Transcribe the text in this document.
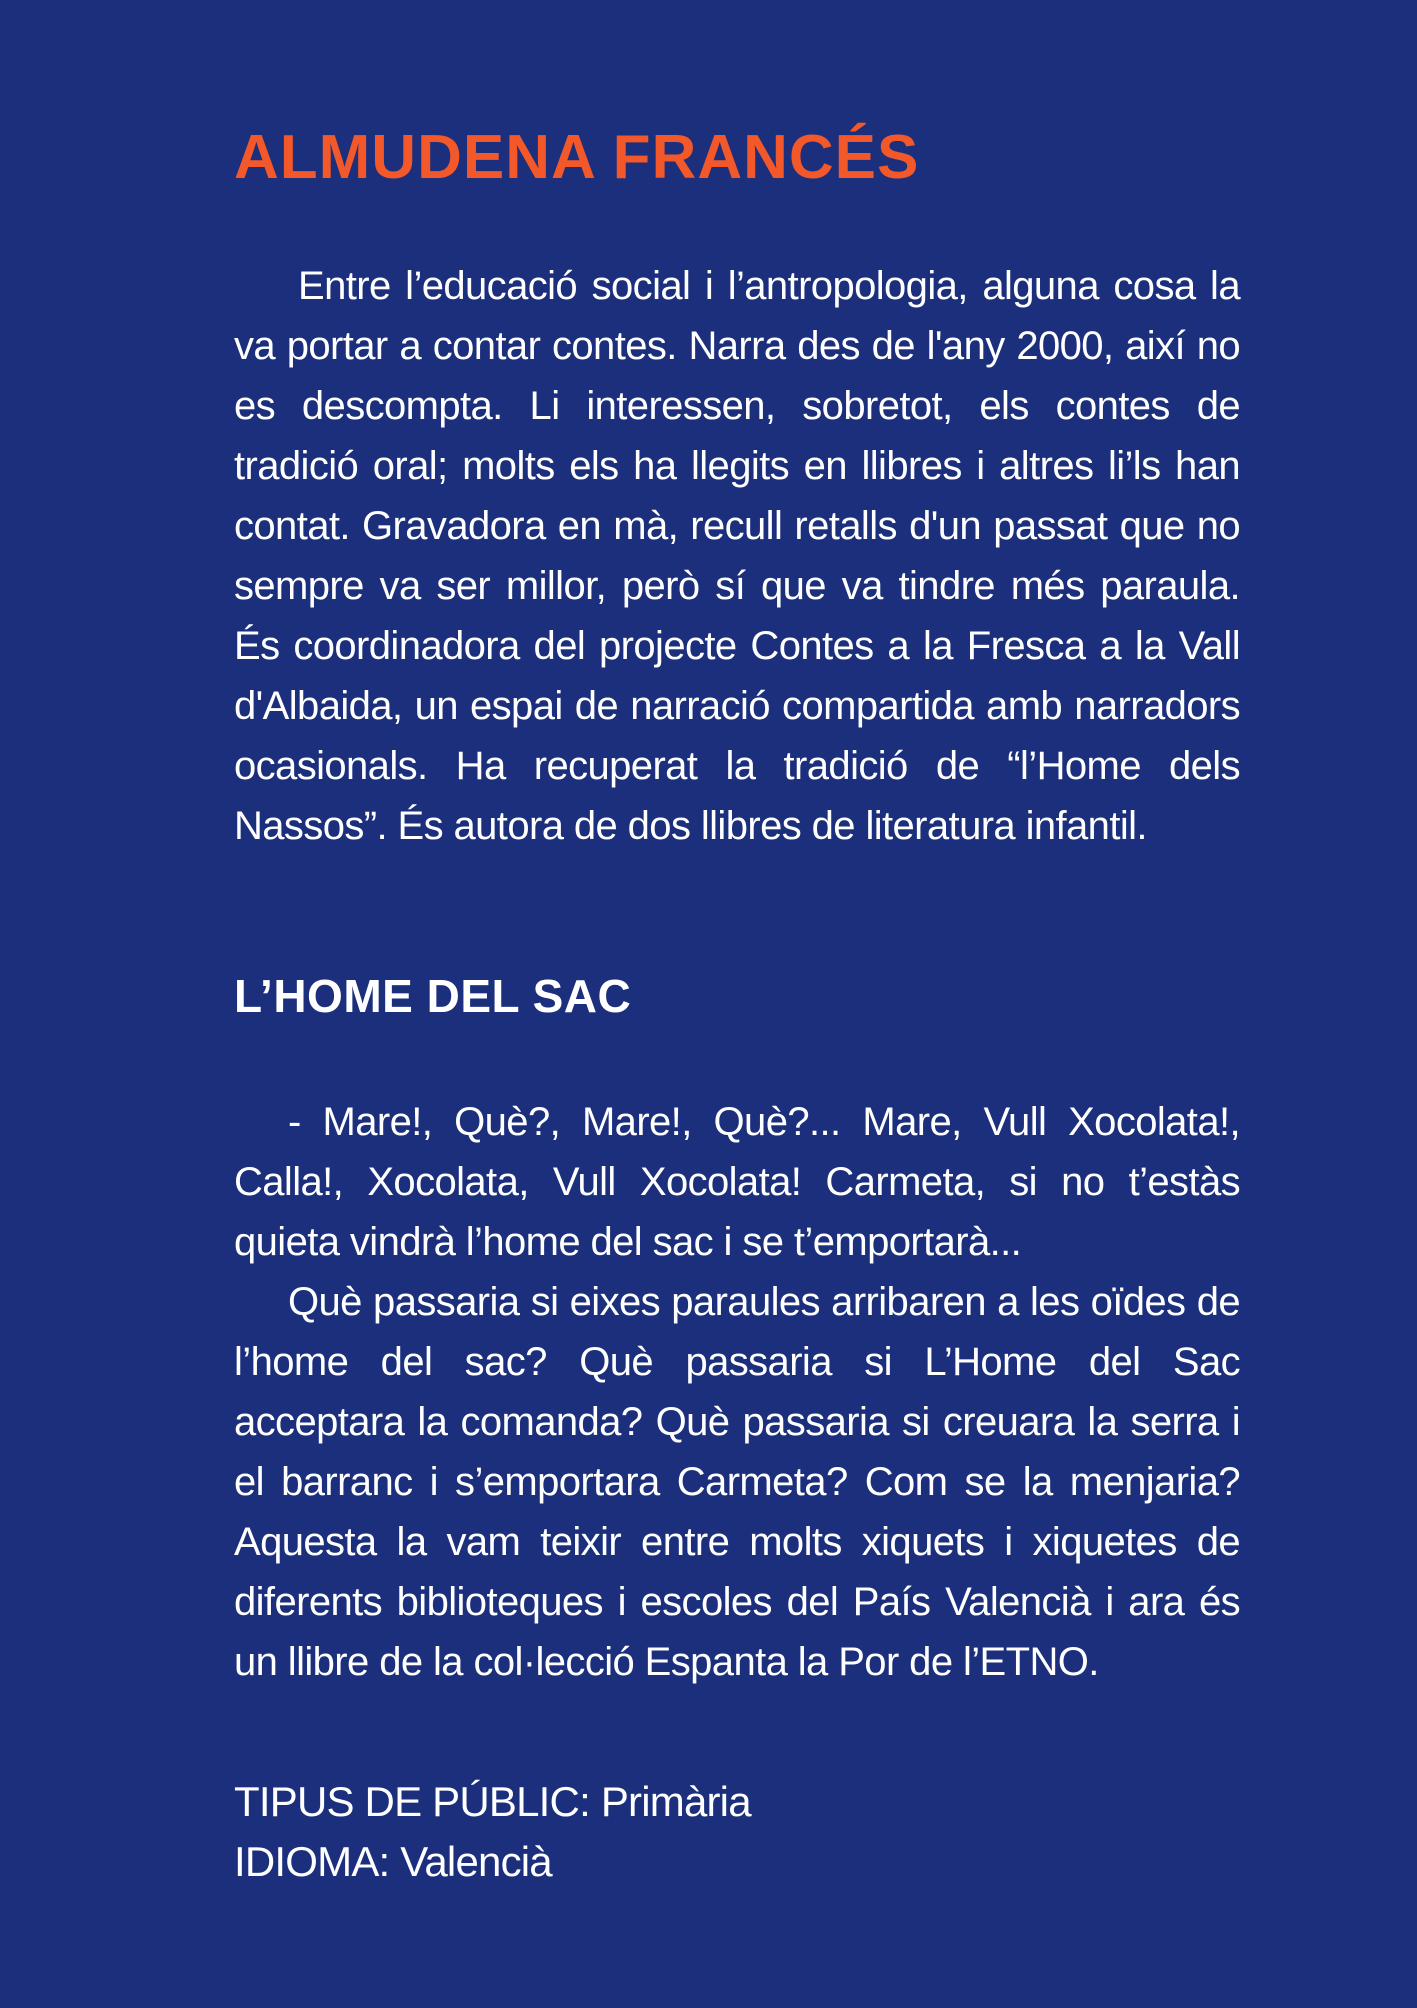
ALMUDENA FRANCÉS

Entre l’educació social i l’antropologia, alguna cosa la va portar a contar contes. Narra des de l'any 2000, així no es descompta. Li interessen, sobretot, els contes de tradició oral; molts els ha llegits en llibres i altres li’ls han contat. Gravadora en mà, recull retalls d'un passat que no sempre va ser millor, però sí que va tindre més paraula. És coordinadora del projecte Contes a la Fresca a la Vall d'Albaida, un espai de narració compartida amb narradors ocasionals. Ha recuperat la tradició de “l’Home dels Nassos”. És autora de dos llibres de literatura infantil.

L’HOME DEL SAC

- Mare!, Què?, Mare!, Què?... Mare, Vull Xocolata!, Calla!, Xocolata, Vull Xocolata! Carmeta, si no t’estàs quieta vindrà l’home del sac i se t’emportarà...

Què passaria si eixes paraules arribaren a les oïdes de l’home del sac? Què passaria si L’Home del Sac acceptara la comanda? Què passaria si creuara la serra i el barranc i s’emportara Carmeta? Com se la menjaria? Aquesta la vam teixir entre molts xiquets i xiquetes de diferents biblioteques i escoles del País Valencià i ara és un llibre de la col·lecció Espanta la Por de l’ETNO.

TIPUS DE PÚBLIC: Primària
IDIOMA: Valencià
